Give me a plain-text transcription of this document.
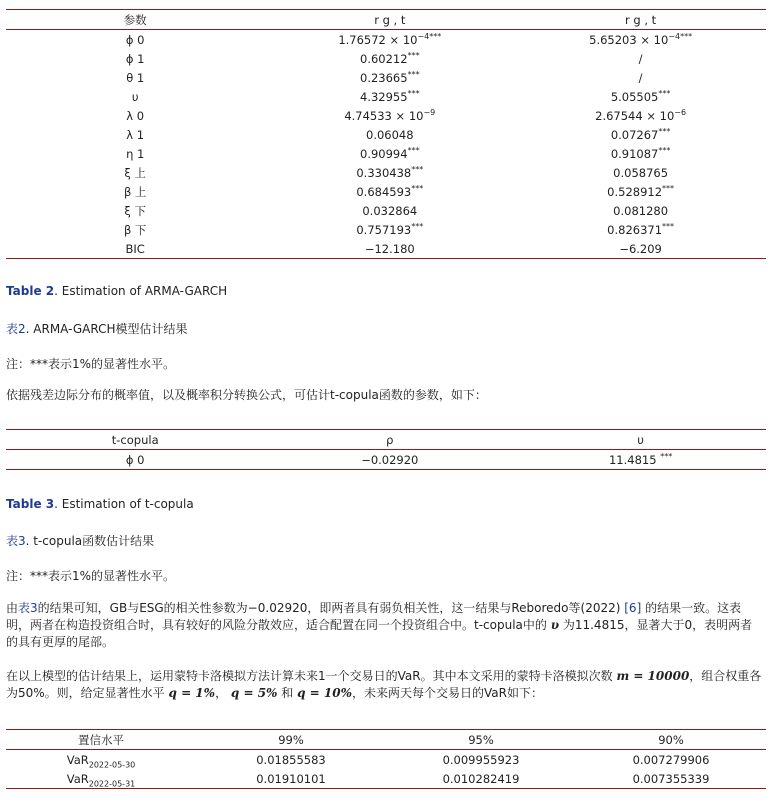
参数	r g , t	r g , t
ϕ 0	$1.76572 \times 10^{-4***}$	$5.65203 \times 10^{-4***}$
ϕ 1	0.60212***	/
θ 1	0.23665***	/
υ	4.32955***	5.05505***
λ 0	$4.74533 \times 10^{-9}$	$2.67544 \times 10^{-6}$
λ 1	0.06048	0.07267***
η 1	0.90994***	0.91087***
ξ 上	0.330438***	0.058765
β 上	0.684593***	0.528912***
ξ 下	0.032864	0.081280
β 下	0.757193***	0.826371***
BIC	−12.180	−6.209
Table 2. Estimation of ARMA-GARCH
表2. ARMA-GARCH模型估计结果
注：***表示1%的显著性水平。
依据残差边际分布的概率值，以及概率积分转换公式，可估计t-copula函数的参数，如下：
t-copula	ρ	υ
ϕ 0	−0.02920	11.4815 ***
Table 3. Estimation of t-copula
表3. t-copula函数估计结果
注：***表示1%的显著性水平。
由表3的结果可知，GB与ESG的相关性参数为−0.02920，即两者具有弱负相关性，这一结果与Reboredo等(2022) [6] 的结果一致。这表明，两者在构造投资组合时，具有较好的风险分散效应，适合配置在同一个投资组合中。t-copula中的 υ 为11.4815，显著大于0，表明两者的具有更厚的尾部。
在以上模型的估计结果上，运用蒙特卡洛模拟方法计算未来1一个交易日的VaR。其中本文采用的蒙特卡洛模拟次数 m = 10000，组合权重各为50%。则，给定显著性水平 q = 1%， q = 5% 和 q = 10%，未来两天每个交易日的VaR如下：
置信水平	99%	95%	90%
VaR$_{2022-05-30}$	0.01855583	0.009955923	0.007279906
VaR$_{2022-05-31}$	0.01910101	0.010282419	0.007355339
